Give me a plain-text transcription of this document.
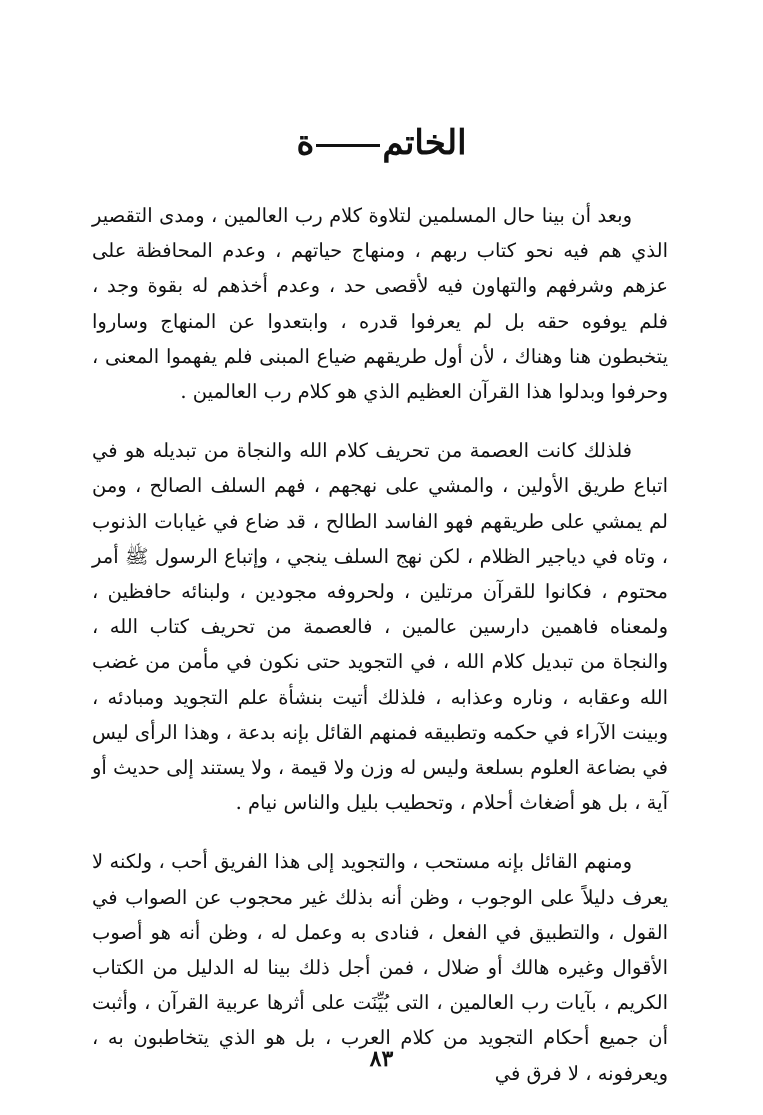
الخاتمة

وبعد أن بينا حال المسلمين لتلاوة كلام رب العالمين ، ومدى التقصير الذي هم فيه نحو كتاب ربهم ، ومنهاج حياتهم ، وعدم المحافظة على عزهم وشرفهم والتهاون فيه لأقصى حد ، وعدم أخذهم له بقوة وجد ، فلم يوفوه حقه بل لم يعرفوا قدره ، وابتعدوا عن المنهاج وساروا يتخبطون هنا وهناك ، لأن أول طريقهم ضياع المبنى فلم يفهموا المعنى ، وحرفوا وبدلوا هذا القرآن العظيم الذي هو كلام رب العالمين .

فلذلك كانت العصمة من تحريف كلام الله والنجاة من تبديله هو في اتباع طريق الأولين ، والمشي على نهجهم ، فهم السلف الصالح ، ومن لم يمشي على طريقهم فهو الفاسد الطالح ، قد ضاع في غيابات الذنوب ، وتاه في دياجير الظلام ، لكن نهج السلف ينجي ، وإتباع الرسول ﷺ أمر محتوم ، فكانوا للقرآن مرتلين ، ولحروفه مجودين ، ولبنائه حافظين ، ولمعناه فاهمين دارسين عالمين ، فالعصمة من تحريف كتاب الله ، والنجاة من تبديل كلام الله ، في التجويد حتى نكون في مأمن من غضب الله وعقابه ، وناره وعذابه ، فلذلك أتيت بنشأة علم التجويد ومبادئه ، وبينت الآراء في حكمه وتطبيقه فمنهم القائل بإنه بدعة ، وهذا الرأى ليس في بضاعة العلوم بسلعة وليس له وزن ولا قيمة ، ولا يستند إلى حديث أو آية ، بل هو أضغاث أحلام ، وتحطيب بليل والناس نيام .

ومنهم القائل بإنه مستحب ، والتجويد إلى هذا الفريق أحب ، ولكنه لا يعرف دليلاً على الوجوب ، وظن أنه بذلك غير محجوب عن الصواب في القول ، والتطبيق في الفعل ، فنادى به وعمل له ، وظن أنه هو أصوب الأقوال وغيره هالك أو ضلال ، فمن أجل ذلك بينا له الدليل من الكتاب الكريم ، بآيات رب العالمين ، التى بُيِّنَت على أثرها عربية القرآن ، وأثبت أن جميع أحكام التجويد من كلام العرب ، بل هو الذي يتخاطبون به ، ويعرفونه ، لا فرق في

٨٣
